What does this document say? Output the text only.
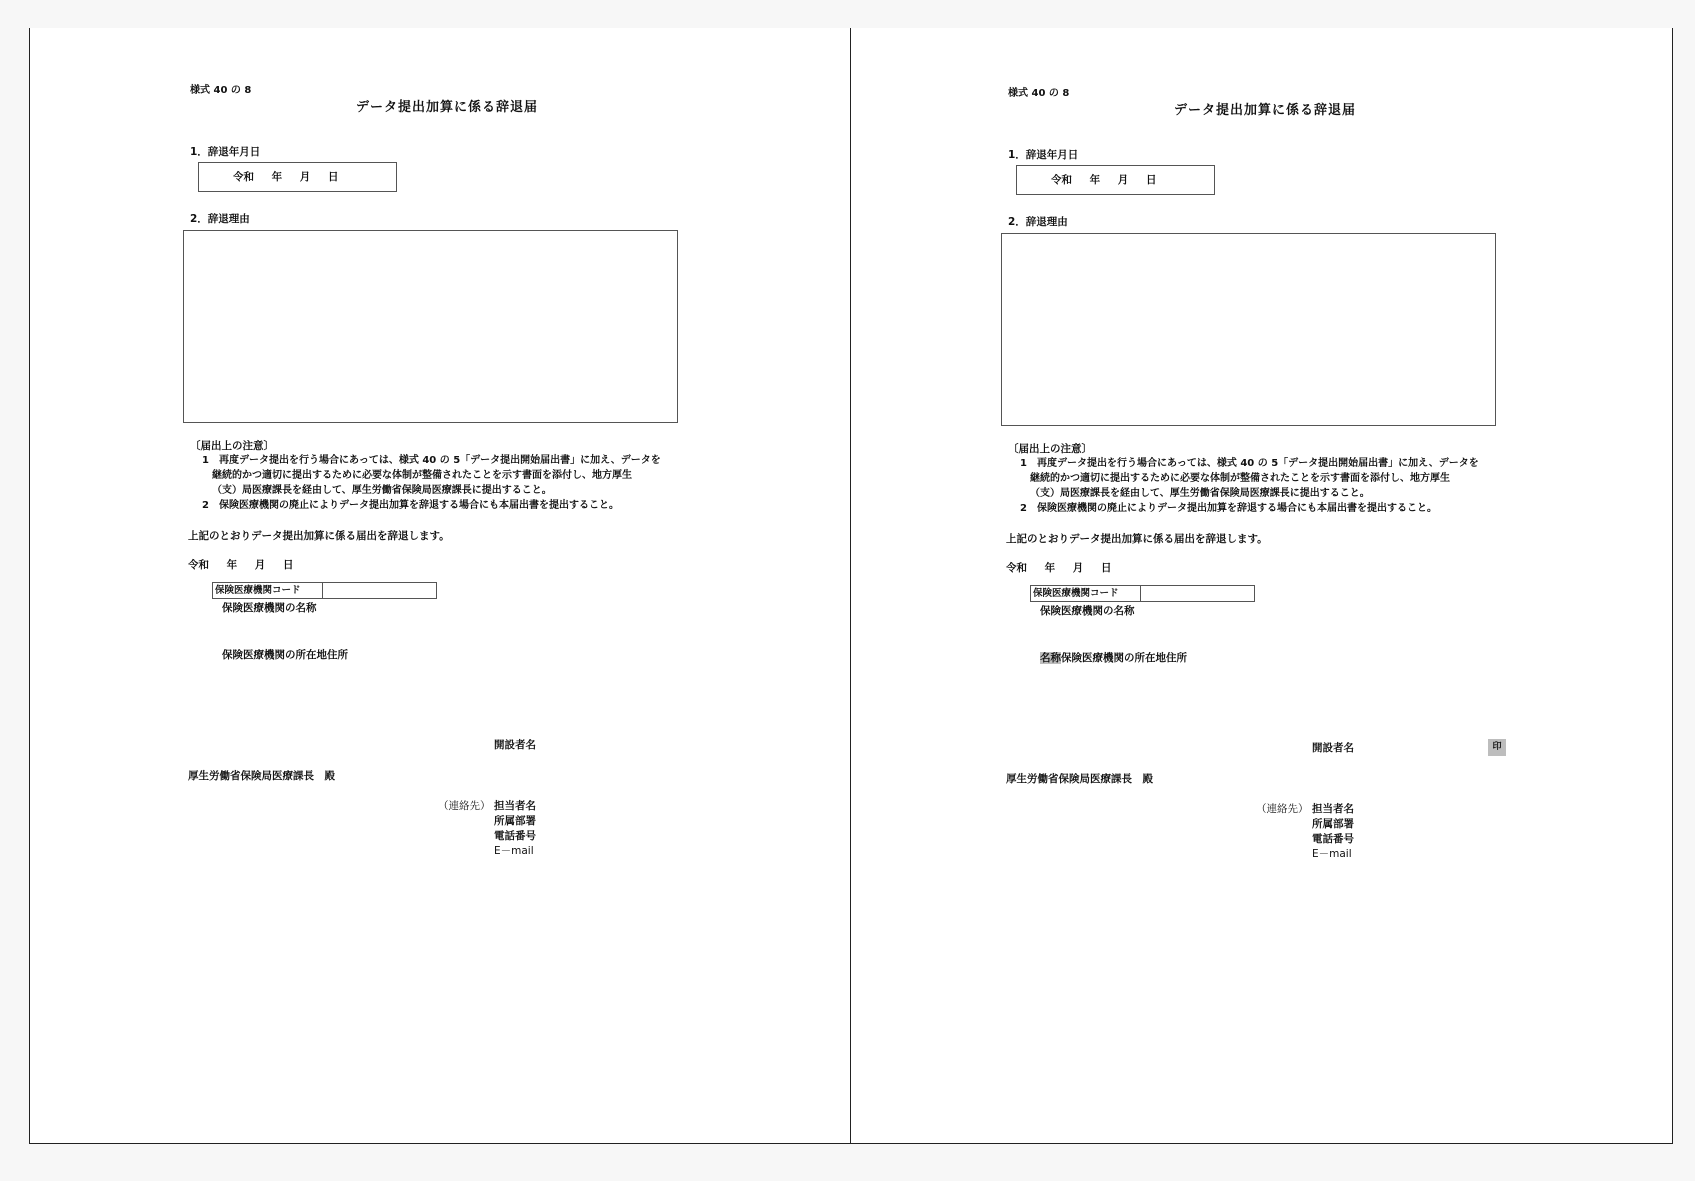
様式 40 の 8
データ提出加算に係る辞退届
1．辞退年月日
令和 年 月 日
2．辞退理由
〔届出上の注意〕
1　再度データ提出を行う場合にあっては、様式 40 の 5「データ提出開始届出書」に加え、データを
継続的かつ適切に提出するために必要な体制が整備されたことを示す書面を添付し、地方厚生
（支）局医療課長を経由して、厚生労働省保険局医療課長に提出すること。
2　保険医療機関の廃止によりデータ提出加算を辞退する場合にも本届出書を提出すること。
上記のとおりデータ提出加算に係る届出を辞退します。
令和 年 月 日
保険医療機関コード
保険医療機関の名称
保険医療機関の所在地住所
開設者名
厚生労働省保険局医療課長　殿
（連絡先） 担当者名
所属部署
電話番号
E－mail
様式 40 の 8
データ提出加算に係る辞退届
1．辞退年月日
令和 年 月 日
2．辞退理由
〔届出上の注意〕
1　再度データ提出を行う場合にあっては、様式 40 の 5「データ提出開始届出書」に加え、データを
継続的かつ適切に提出するために必要な体制が整備されたことを示す書面を添付し、地方厚生
（支）局医療課長を経由して、厚生労働省保険局医療課長に提出すること。
2　保険医療機関の廃止によりデータ提出加算を辞退する場合にも本届出書を提出すること。
上記のとおりデータ提出加算に係る届出を辞退します。
令和 年 月 日
保険医療機関コード
保険医療機関の名称
名称保険医療機関の所在地住所
開設者名	印
厚生労働省保険局医療課長　殿
（連絡先） 担当者名
所属部署
電話番号
E－mail
